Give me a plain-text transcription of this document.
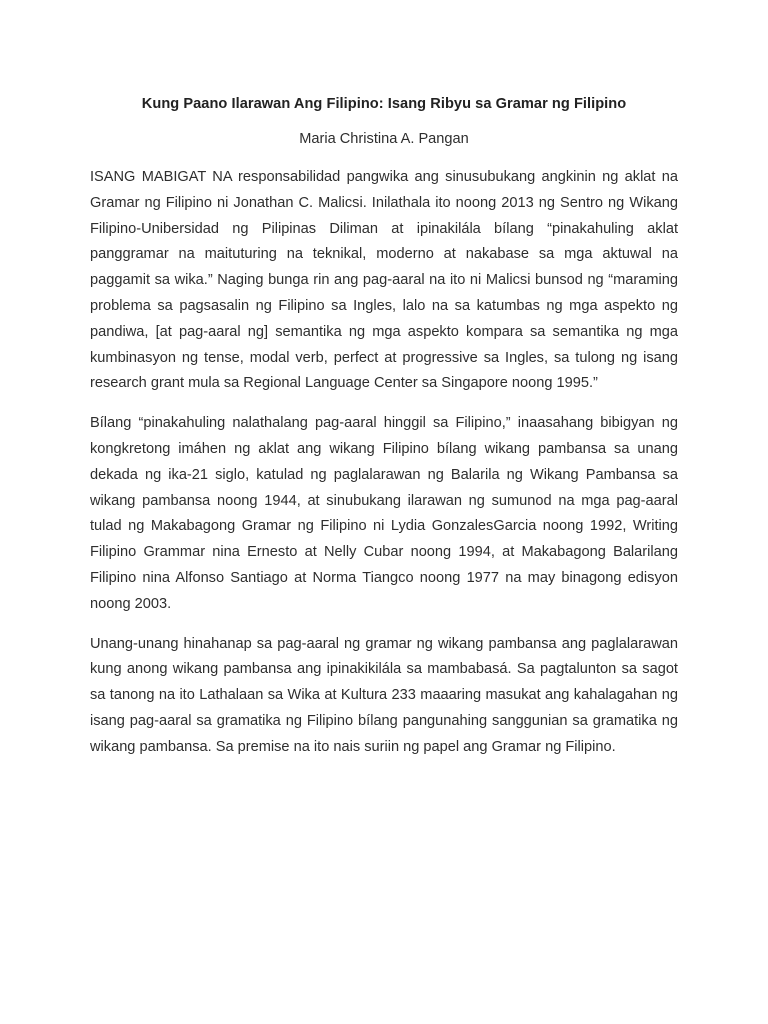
Kung Paano Ilarawan Ang Filipino: Isang Ribyu sa Gramar ng Filipino

Maria Christina A. Pangan

ISANG MABIGAT NA responsabilidad pangwika ang sinusubukang angkinin ng aklat na Gramar ng Filipino ni Jonathan C. Malicsi. Inilathala ito noong 2013 ng Sentro ng Wikang Filipino-Unibersidad ng Pilipinas Diliman at ipinakilála bílang “pinakahuling aklat panggramar na maituturing na teknikal, moderno at nakabase sa mga aktuwal na paggamit sa wika.” Naging bunga rin ang pag-aaral na ito ni Malicsi bunsod ng “maraming problema sa pagsasalin ng Filipino sa Ingles, lalo na sa katumbas ng mga aspekto ng pandiwa, [at pag-aaral ng] semantika ng mga aspekto kompara sa semantika ng mga kumbinasyon ng tense, modal verb, perfect at progressive sa Ingles, sa tulong ng isang research grant mula sa Regional Language Center sa Singapore noong 1995.”

Bílang “pinakahuling nalathalang pag-aaral hinggil sa Filipino,” inaasahang bibigyan ng kongkretong imáhen ng aklat ang wikang Filipino bílang wikang pambansa sa unang dekada ng ika-21 siglo, katulad ng paglalarawan ng Balarila ng Wikang Pambansa sa wikang pambansa noong 1944, at sinubukang ilarawan ng sumunod na mga pag-aaral tulad ng Makabagong Gramar ng Filipino ni Lydia GonzalesGarcia noong 1992, Writing Filipino Grammar nina Ernesto at Nelly Cubar noong 1994, at Makabagong Balarilang Filipino nina Alfonso Santiago at Norma Tiangco noong 1977 na may binagong edisyon noong 2003.

Unang-unang hinahanap sa pag-aaral ng gramar ng wikang pambansa ang paglalarawan kung anong wikang pambansa ang ipinakikilála sa mambabasá. Sa pagtalunton sa sagot sa tanong na ito Lathalaan sa Wika at Kultura 233 maaaring masukat ang kahalagahan ng isang pag-aaral sa gramatika ng Filipino bílang pangunahing sanggunian sa gramatika ng wikang pambansa. Sa premise na ito nais suriin ng papel ang Gramar ng Filipino.
